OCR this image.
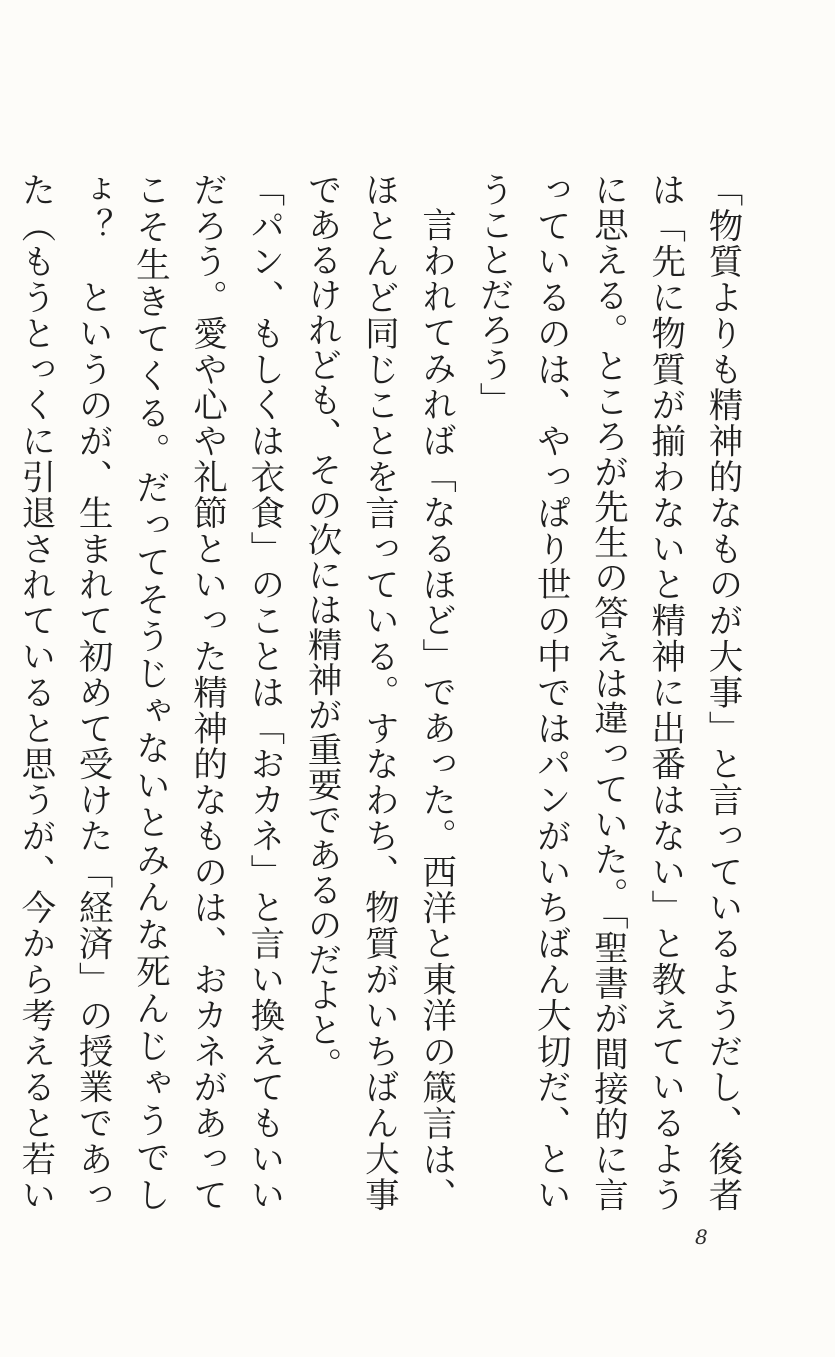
「物質よりも精神的なものが大事」と言っているようだし、後者は「先に物質が揃わないと精神に出番はない」と教えているように思える。ところが先生の答えは違っていた。「聖書が間接的に言っているのは、やっぱり世の中ではパンがいちばん大切だ、ということだろう」

言われてみれば「なるほど」であった。西洋と東洋の箴言は、ほとんど同じことを言っている。すなわち、物質がいちばん大事であるけれども、その次には精神が重要であるのだよと。

「パン、もしくは衣食」のことは「おカネ」と言い換えてもいいだろう。愛や心や礼節といった精神的なものは、おカネがあってこそ生きてくる。だってそうじゃないとみんな死んじゃうでしょ？　というのが、生まれて初めて受けた「経済」の授業であった（もうとっくに引退されていると思うが、今から考えると若い

8
